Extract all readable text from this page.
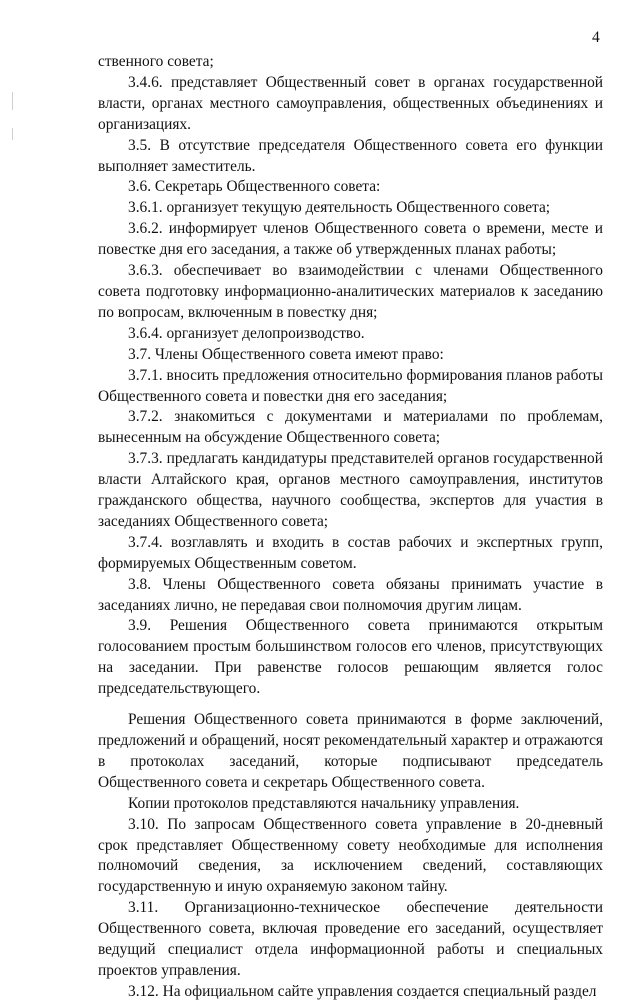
4

ственного совета;

3.4.6. представляет Общественный совет в органах государственной власти, органах местного самоуправления, общественных объединениях и организациях.

3.5. В отсутствие председателя Общественного совета его функции выполняет заместитель.

3.6. Секретарь Общественного совета:

3.6.1. организует текущую деятельность Общественного совета;

3.6.2. информирует членов Общественного совета о времени, месте и повестке дня его заседания, а также об утвержденных планах работы;

3.6.3. обеспечивает во взаимодействии с членами Общественного совета подготовку информационно-аналитических материалов к заседанию по вопросам, включенным в повестку дня;

3.6.4. организует делопроизводство.

3.7. Члены Общественного совета имеют право:

3.7.1. вносить предложения относительно формирования планов работы Общественного совета и повестки дня его заседания;

3.7.2. знакомиться с документами и материалами по проблемам, вынесенным на обсуждение Общественного совета;

3.7.3. предлагать кандидатуры представителей органов государственной власти Алтайского края, органов местного самоуправления, институтов гражданского общества, научного сообщества, экспертов для участия в заседаниях Общественного совета;

3.7.4. возглавлять и входить в состав рабочих и экспертных групп, формируемых Общественным советом.

3.8. Члены Общественного совета обязаны принимать участие в заседаниях лично, не передавая свои полномочия другим лицам.

3.9. Решения Общественного совета принимаются открытым голосованием простым большинством голосов его членов, присутствующих на заседании. При равенстве голосов решающим является голос председательствующего.

Решения Общественного совета принимаются в форме заключений, предложений и обращений, носят рекомендательный характер и отражаются в протоколах заседаний, которые подписывают председатель Общественного совета и секретарь Общественного совета.

Копии протоколов представляются начальнику управления.

3.10. По запросам Общественного совета управление в 20-дневный срок представляет Общественному совету необходимые для исполнения полномочий сведения, за исключением сведений, составляющих государственную и иную охраняемую законом тайну.

3.11. Организационно-техническое обеспечение деятельности Общественного совета, включая проведение его заседаний, осуществляет ведущий специалист отдела информационной работы и специальных проектов управления.

3.12. На официальном сайте управления создается специальный раздел
